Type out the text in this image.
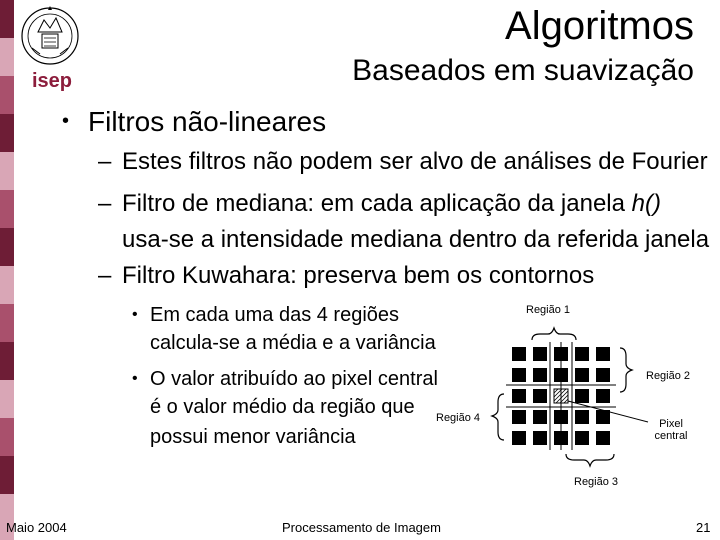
isep
Algoritmos
Baseados em suavização
• Filtros não-lineares
– Estes filtros não podem ser alvo de análises de Fourier
– Filtro de mediana: em cada aplicação da janela h()
usa-se a intensidade mediana dentro da referida janela
– Filtro Kuwahara: preserva bem os contornos
• Em cada uma das 4 regiões
calcula-se a média e a variância
• O valor atribuído ao pixel central
é o valor médio da região que
possui menor variância
Região 1
Região 2
Região 3
Região 4	Pixel
central
Maio 2004	Processamento de Imagem	21
